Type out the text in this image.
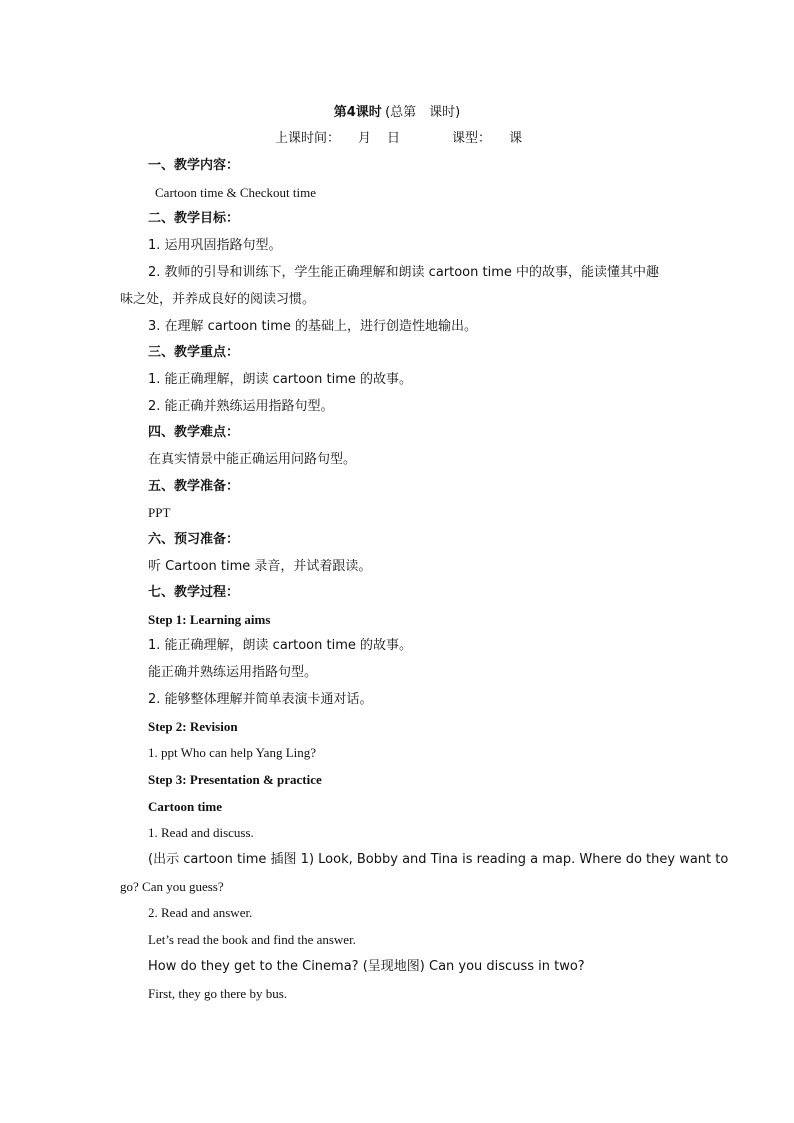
第4课时 (总第　课时)
上课时间： 月 日	课型： 课
一、教学内容：
Cartoon time & Checkout time
二、教学目标：
1. 运用巩固指路句型。
2. 教师的引导和训练下，学生能正确理解和朗读 cartoon time 中的故事，能读懂其中趣
味之处，并养成良好的阅读习惯。
3. 在理解 cartoon time 的基础上，进行创造性地输出。
三、教学重点：
1. 能正确理解，朗读 cartoon time 的故事。
2. 能正确并熟练运用指路句型。
四、教学难点：
在真实情景中能正确运用问路句型。
五、教学准备：
PPT
六、预习准备：
听 Cartoon time 录音，并试着跟读。
七、教学过程：
Step 1: Learning aims
1. 能正确理解，朗读 cartoon time 的故事。
能正确并熟练运用指路句型。
2. 能够整体理解并简单表演卡通对话。
Step 2: Revision
1. ppt Who can help Yang Ling?
Step 3: Presentation & practice
Cartoon time
1. Read and discuss.
(出示 cartoon time 插图 1) Look, Bobby and Tina is reading a map. Where do they want to
go? Can you guess?
2. Read and answer.
Let’s read the book and find the answer.
How do they get to the Cinema? (呈现地图) Can you discuss in two?
First, they go there by bus.
